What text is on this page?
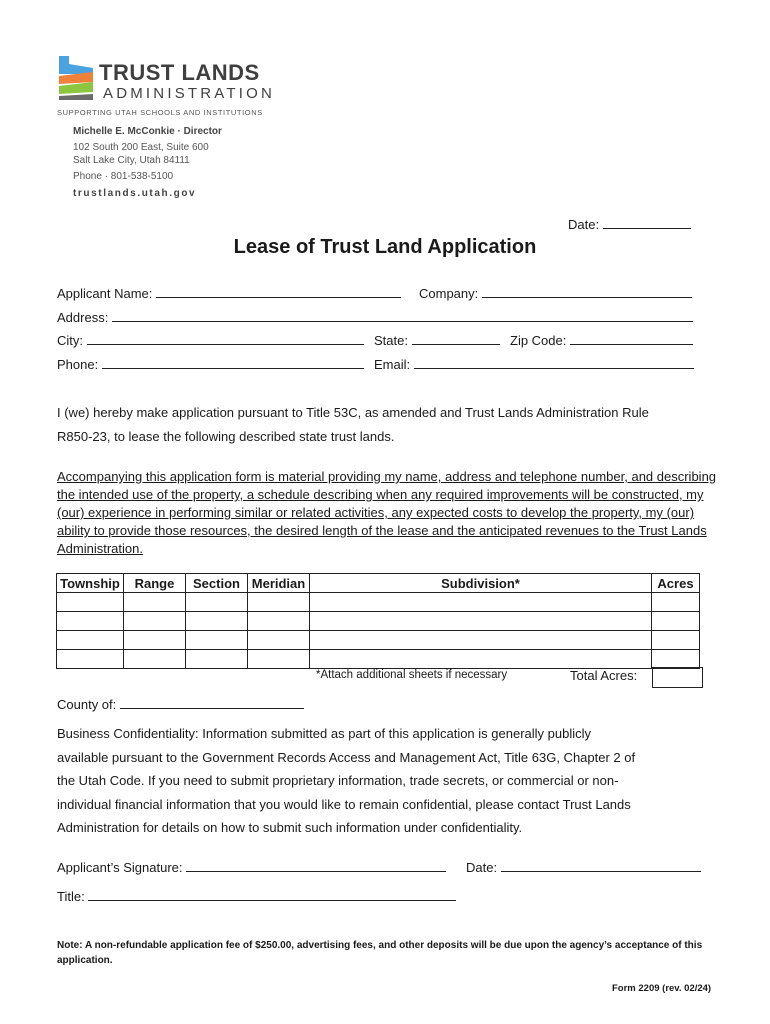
TRUST LANDS
ADMINISTRATION
SUPPORTING UTAH SCHOOLS AND INSTITUTIONS
Michelle E. McConkie · Director
102 South 200 East, Suite 600
Salt Lake City, Utah 84111
Phone · 801-538-5100
trustlands.utah.gov
Date:
Lease of Trust Land Application
Applicant Name:	Company:
Address:
City:	State:	Zip Code:
Phone:	Email:
I (we) hereby make application pursuant to Title 53C, as amended and Trust Lands Administration Rule
R850-23, to lease the following described state trust lands.
Accompanying this application form is material providing my name, address and telephone number, and describing the intended use of the property, a schedule describing when any required improvements will be constructed, my (our) experience in performing similar or related activities, any expected costs to develop the property, my (our) ability to provide those resources, the desired length of the lease and the anticipated revenues to the Trust Lands Administration.
Township	Range	Section	Meridian	Subdivision*	Acres

*Attach additional sheets if necessary	Total Acres:
County of:
Business Confidentiality: Information submitted as part of this application is generally publicly
available pursuant to the Government Records Access and Management Act, Title 63G, Chapter 2 of
the Utah Code. If you need to submit proprietary information, trade secrets, or commercial or non-
individual financial information that you would like to remain confidential, please contact Trust Lands
Administration for details on how to submit such information under confidentiality.
Applicant’s Signature:	Date:
Title:
Note: A non-refundable application fee of $250.00, advertising fees, and other deposits will be due upon the agency’s acceptance of this application.
Form 2209 (rev. 02/24)
